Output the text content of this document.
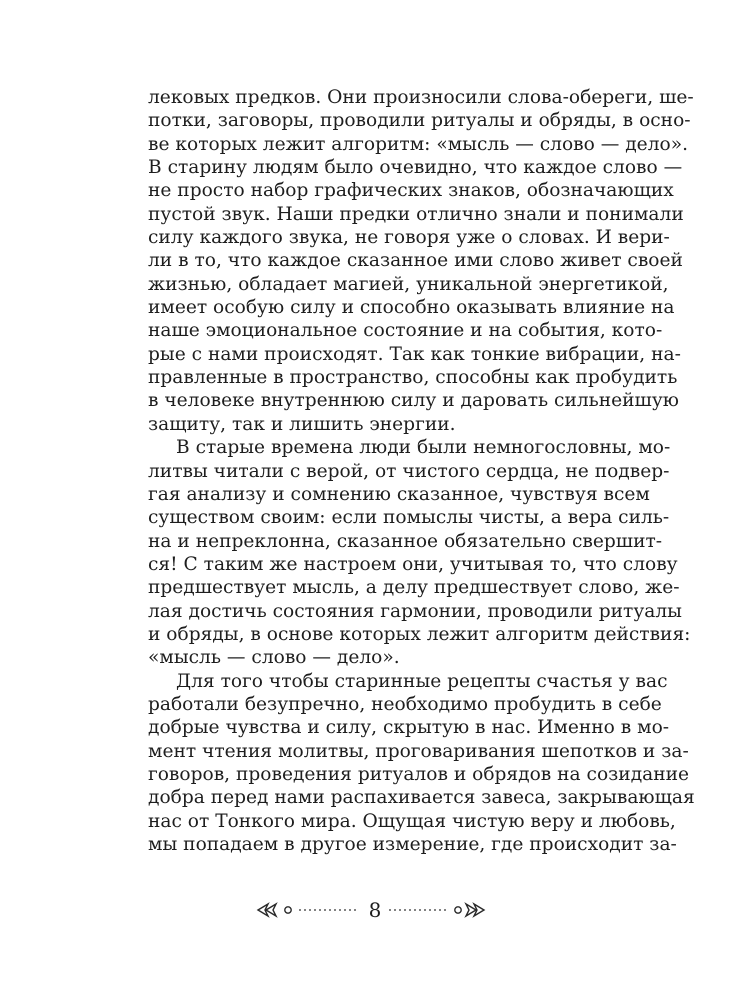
лековых предков. Они произносили слова-обереги, ше-
потки, заговоры, проводили ритуалы и обряды, в осно-
ве которых лежит алгоритм: «мысль — слово — дело».
В старину людям было очевидно, что каждое слово —
не просто набор графических знаков, обозначающих
пустой звук. Наши предки отлично знали и понимали
силу каждого звука, не говоря уже о словах. И вери-
ли в то, что каждое сказанное ими слово живет своей
жизнью, обладает магией, уникальной энергетикой,
имеет особую силу и способно оказывать влияние на
наше эмоциональное состояние и на события, кото-
рые с нами происходят. Так как тонкие вибрации, на-
правленные в пространство, способны как пробудить
в человеке внутреннюю силу и даровать сильнейшую
защиту, так и лишить энергии.
В старые времена люди были немногословны, мо-
литвы читали с верой, от чистого сердца, не подвер-
гая анализу и сомнению сказанное, чувствуя всем
существом своим: если помыслы чисты, а вера силь-
на и непреклонна, сказанное обязательно свершит-
ся! С таким же настроем они, учитывая то, что слову
предшествует мысль, а делу предшествует слово, же-
лая достичь состояния гармонии, проводили ритуалы
и обряды, в основе которых лежит алгоритм действия:
«мысль — слово — дело».
Для того чтобы старинные рецепты счастья у вас
работали безупречно, необходимо пробудить в себе
добрые чувства и силу, скрытую в нас. Именно в мо-
мент чтения молитвы, проговаривания шепотков и за-
говоров, проведения ритуалов и обрядов на созидание
добра перед нами распахивается завеса, закрывающая
нас от Тонкого мира. Ощущая чистую веру и любовь,
мы попадаем в другое измерение, где происходит за-
8
